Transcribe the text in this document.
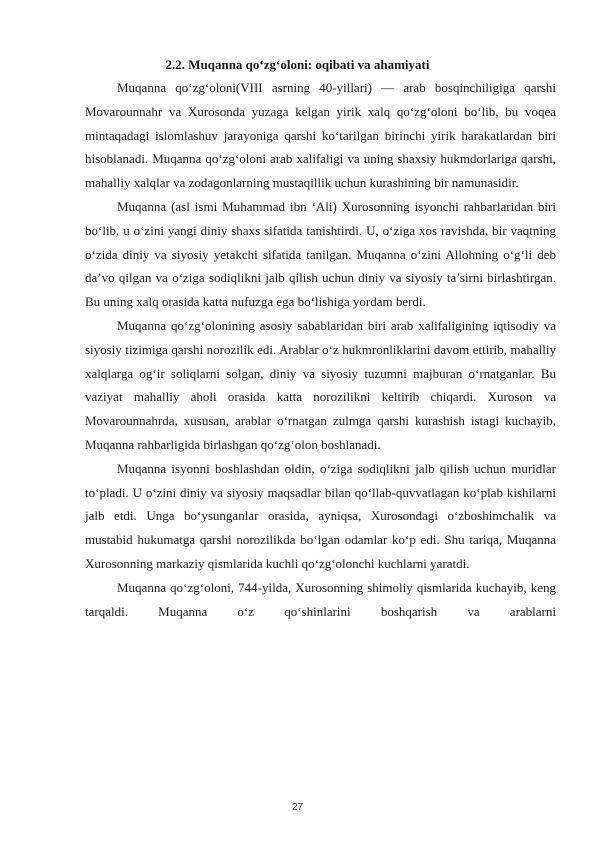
2.2. Muqanna qo‘zg‘oloni: oqibati va ahamiyati

Muqanna qo‘zg‘oloni(VIII asrning 40-yillari) — arab bosqinchiligiga qarshi Movarounnahr va Xurosonda yuzaga kelgan yirik xalq qo‘zg‘oloni bo‘lib, bu voqea mintaqadagi islomlashuv jarayoniga qarshi ko‘tarilgan birinchi yirik harakatlardan biri hisoblanadi. Muqanna qo‘zg‘oloni arab xalifaligi va uning shaxsiy hukmdorlariga qarshi, mahalliy xalqlar va zodagonlarning mustaqillik uchun kurashining bir namunasidir.

Muqanna (asl ismi Muhammad ibn ‘Ali) Xurosonning isyonchi rahbarlaridan biri bo‘lib, u o‘zini yangi diniy shaxs sifatida tanishtirdi. U, o‘ziga xos ravishda, bir vaqtning o‘zida diniy va siyosiy yetakchi sifatida tanilgan. Muqanna o‘zini Allohning o‘g‘li deb da’vo qilgan va o‘ziga sodiqlikni jalb qilish uchun diniy va siyosiy ta’sirni birlashtirgan. Bu uning xalq orasida katta nufuzga ega bo‘lishiga yordam berdi.

Muqanna qo‘zg‘olonining asosiy sabablaridan biri arab xalifaligining iqtisodiy va siyosiy tizimiga qarshi norozilik edi. Arablar o‘z hukmronliklarini davom ettirib, mahalliy xalqlarga og‘ir soliqlarni solgan, diniy va siyosiy tuzumni majburan o‘rnatganlar. Bu vaziyat mahalliy aholi orasida katta norozilikni keltirib chiqardi. Xuroson va Movarounnahrda, xususan, arablar o‘rnatgan zulmga qarshi kurashish istagi kuchayib, Muqanna rahbarligida birlashgan qo‘zg‘olon boshlanadi.

Muqanna isyonni boshlashdan oldin, o‘ziga sodiqlikni jalb qilish uchun muridlar to‘pladi. U o‘zini diniy va siyosiy maqsadlar bilan qo‘llab-quvvatlagan ko‘plab kishilarni jalb etdi. Unga bo‘ysunganlar orasida, ayniqsa, Xurosondagi o‘zboshimchalik va mustabid hukumatga qarshi norozilikda bo‘lgan odamlar ko‘p edi. Shu tariqa, Muqanna Xurosonning markaziy qismlarida kuchli qo‘zg‘olonchi kuchlarni yaratdi.

Muqanna qo‘zg‘oloni, 744-yilda, Xurosonning shimoliy qismlarida kuchayib, keng tarqaldi. Muqanna o‘z qo‘shinlarini boshqarish va arablarni

27
